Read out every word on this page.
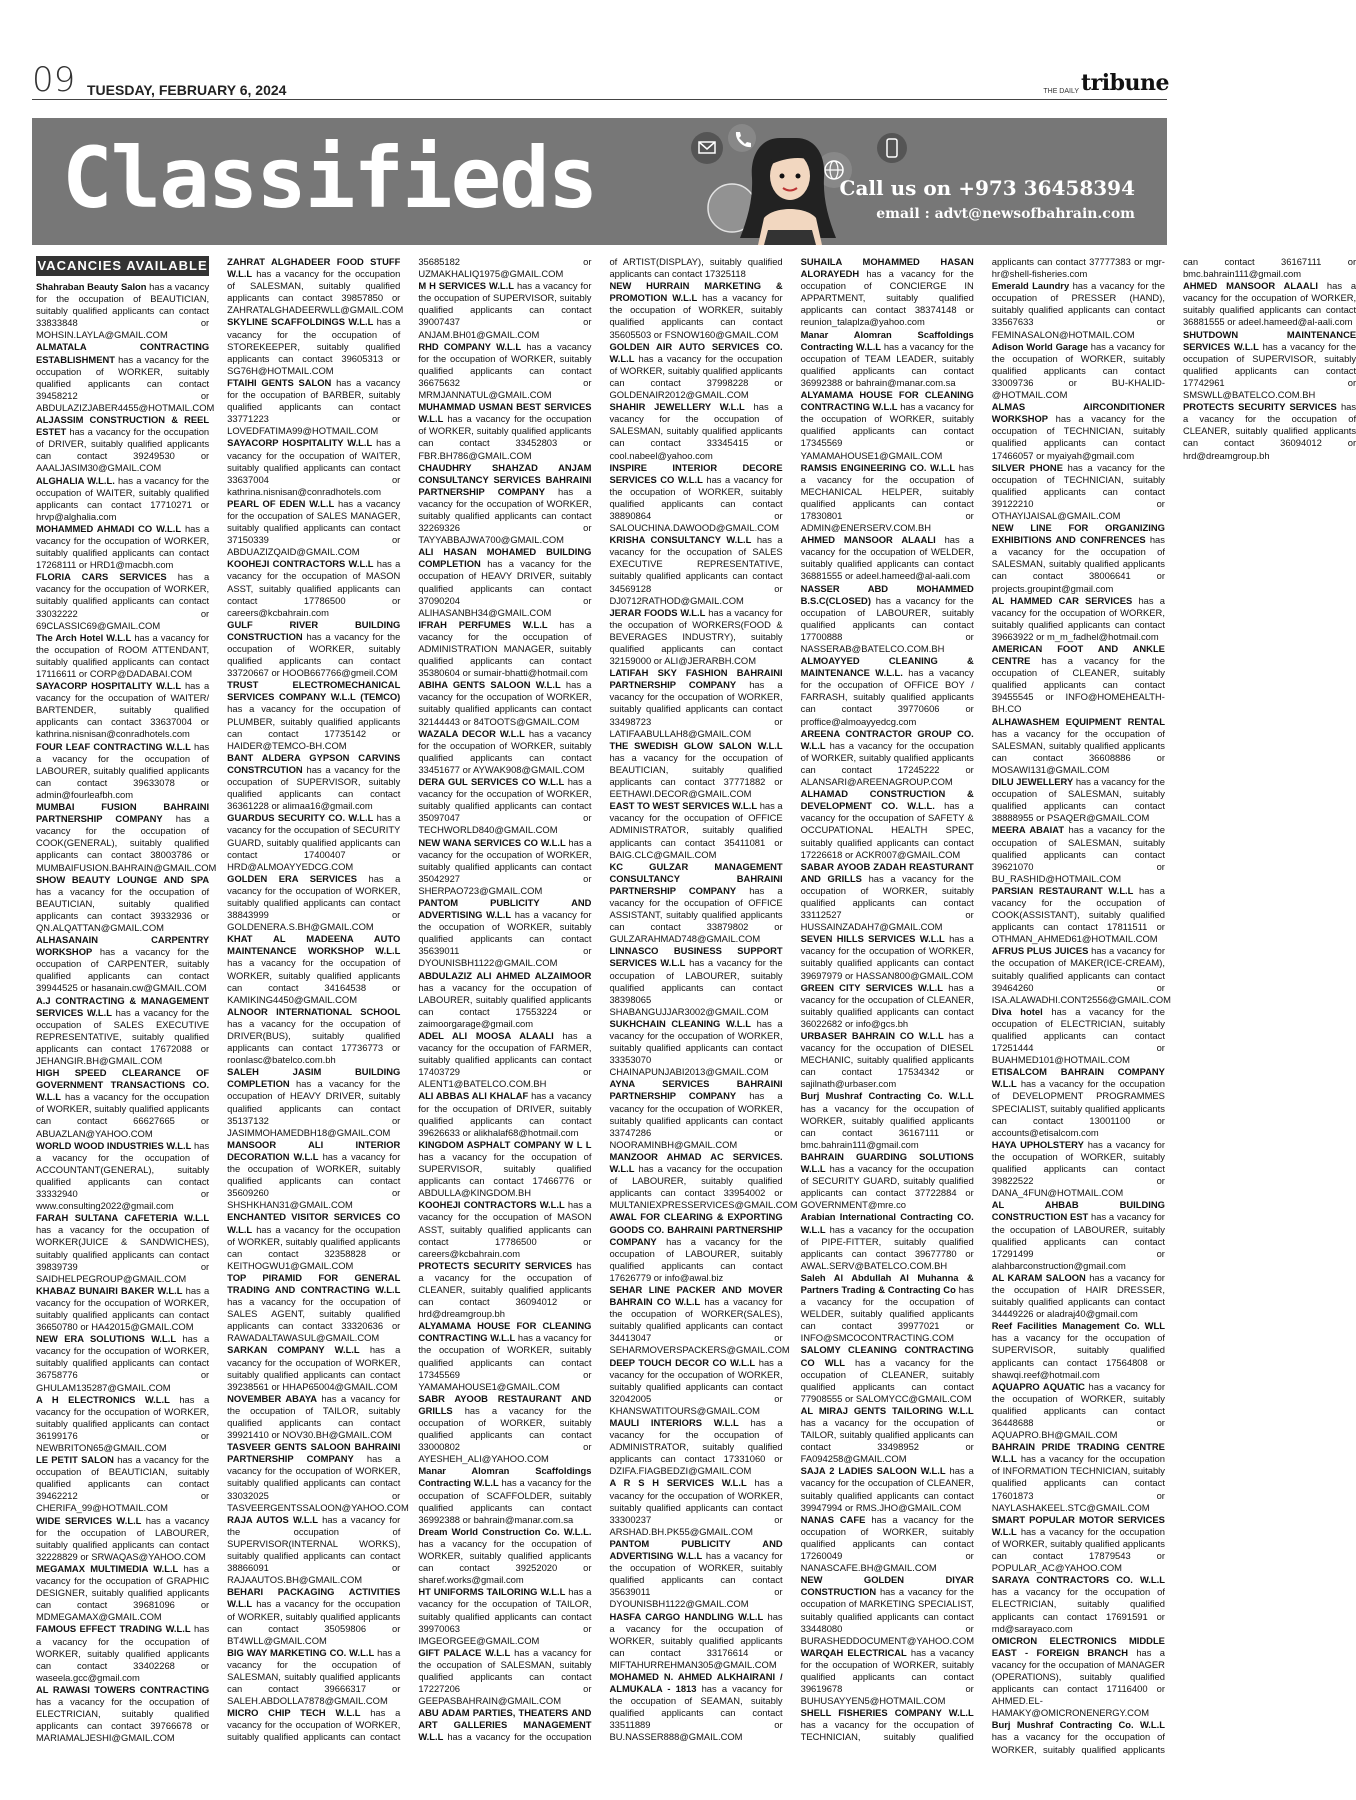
09 TUESDAY, FEBRUARY 6, 2024	THE DAILY tribune
Classifieds	Call us on +973 36458394
email : advt@newsofbahrain.com
VACANCIES AVAILABLE

Shahraban Beauty Salon has a vacancy for the occupation of BEAUTICIAN, suitably qualified applicants can contact 33833848 or MOHSIN.LAYLA@GMAIL.COM

ALMATALA CONTRACTING ESTABLISHMENT has a vacancy for the occupation of WORKER, suitably qualified applicants can contact 39458212 or ABDULAZIZJABER4455@HOTMAIL.COM

ALJASSIM CONSTRUCTION & REEL ESTET has a vacancy for the occupation of DRIVER, suitably qualified applicants can contact 39249530 or AAALJASIM30@GMAIL.COM

ALGHALIA W.L.L. has a vacancy for the occupation of WAITER, suitably qualified applicants can contact 17710271 or hrvp@alghalia.com

MOHAMMED AHMADI CO W.L.L has a vacancy for the occupation of WORKER, suitably qualified applicants can contact 17268111 or HRD1@macbh.com

FLORIA CARS SERVICES has a vacancy for the occupation of WORKER, suitably qualified applicants can contact 33032222 or 69CLASSIC69@GMAIL.COM

The Arch Hotel W.L.L has a vacancy for the occupation of ROOM ATTENDANT, suitably qualified applicants can contact 17116611 or CORP@DADABAI.COM

SAYACORP HOSPITALITY W.L.L has a vacancy for the occupation of WAITER/ BARTENDER, suitably qualified applicants can contact 33637004 or kathrina.nisnisan@conradhotels.com

FOUR LEAF CONTRACTING W.L.L has a vacancy for the occupation of LABOURER, suitably qualified applicants can contact 39633078 or admin@fourleafbh.com

MUMBAI FUSION BAHRAINI PARTNERSHIP COMPANY has a vacancy for the occupation of COOK(GENERAL), suitably qualified applicants can contact 38003786 or MUMBAIFUSION.BAHRAIN@GMAIL.COM

SHOW BEAUTY LOUNGE AND SPA has a vacancy for the occupation of BEAUTICIAN, suitably qualified applicants can contact 39332936 or QN.ALQATTAN@GMAIL.COM

ALHASANAIN CARPENTRY WORKSHOP has a vacancy for the occupation of CARPENTER, suitably qualified applicants can contact 39944525 or hasanain.cw@GMAIL.COM

A.J CONTRACTING & MANAGEMENT SERVICES W.L.L has a vacancy for the occupation of SALES EXECUTIVE REPRESENTATIVE, suitably qualified applicants can contact 17672088 or JEHANGIR.BH@GMAIL.COM

HIGH SPEED CLEARANCE OF GOVERNMENT TRANSACTIONS CO. W.L.L has a vacancy for the occupation of WORKER, suitably qualified applicants can contact 66627665 or ABUAZLAN@YAHOO.COM

WORLD WOOD INDUSTRIES W.L.L has a vacancy for the occupation of ACCOUNTANT(GENERAL), suitably qualified applicants can contact 33332940 or www.consulting2022@gmail.com

FARAH SULTANA CAFETERIA W.L.L has a vacancy for the occupation of WORKER(JUICE & SANDWICHES), suitably qualified applicants can contact 39839739 or SAIDHELPEGROUP@GMAIL.COM

KHABAZ BUNAIRI BAKER W.L.L has a vacancy for the occupation of WORKER, suitably qualified applicants can contact 36650780 or HA42015@GMAIL.COM

NEW ERA SOLUTIONS W.L.L has a vacancy for the occupation of WORKER, suitably qualified applicants can contact 36758776 or GHULAM135287@GMAIL.COM

A H ELECTRONICS W.L.L has a vacancy for the occupation of WORKER, suitably qualified applicants can contact 36199176 or NEWBRITON65@GMAIL.COM

LE PETIT SALON has a vacancy for the occupation of BEAUTICIAN, suitably qualified applicants can contact 39462212 or CHERIFA_99@HOTMAIL.COM

WIDE SERVICES W.L.L has a vacancy for the occupation of LABOURER, suitably qualified applicants can contact 32228829 or SRWAQAS@YAHOO.COM

MEGAMAX MULTIMEDIA W.L.L has a vacancy for the occupation of GRAPHIC DESIGNER, suitably qualified applicants can contact 39681096 or MDMEGAMAX@GMAIL.COM

FAMOUS EFFECT TRADING W.L.L has a vacancy for the occupation of WORKER, suitably qualified applicants can contact 33402268 or waseela.gcc@gmail.com

AL RAWASI TOWERS CONTRACTING has a vacancy for the occupation of ELECTRICIAN, suitably qualified applicants can contact 39766678 or MARIAMALJESHI@GMAIL.COM

ZAHRAT ALGHADEER FOOD STUFF W.L.L has a vacancy for the occupation of SALESMAN, suitably qualified applicants can contact 39857850 or ZAHRATALGHADEERWLL@GMAIL.COM

SKYLINE SCAFFOLDINGS W.L.L has a vacancy for the occupation of STOREKEEPER, suitably qualified applicants can contact 39605313 or SG76H@HOTMAIL.COM

FTAIHI GENTS SALON has a vacancy for the occupation of BARBER, suitably qualified applicants can contact 33771223 or LOVEDFATIMA99@HOTMAIL.COM

SAYACORP HOSPITALITY W.L.L has a vacancy for the occupation of WAITER, suitably qualified applicants can contact 33637004 or kathrina.nisnisan@conradhotels.com

PEARL OF EDEN W.L.L has a vacancy for the occupation of SALES MANAGER, suitably qualified applicants can contact 37150339 or ABDUAZIZQAID@GMAIL.COM

KOOHEJI CONTRACTORS W.L.L has a vacancy for the occupation of MASON ASST, suitably qualified applicants can contact 17786500 or careers@kcbahrain.com

GULF RIVER BUILDING CONSTRUCTION has a vacancy for the occupation of WORKER, suitably qualified applicants can contact 33720667 or HOOB667766@gmeil.COM

TRUST ELECTROMECHANICAL SERVICES COMPANY W.L.L (TEMCO) has a vacancy for the occupation of PLUMBER, suitably qualified applicants can contact 17735142 or HAIDER@TEMCO-BH.COM

BANT ALDERA GYPSON CARVINS CONSTRCUTION has a vacancy for the occupation of SUPERVISOR, suitably qualified applicants can contact 36361228 or alimaa16@gmail.com

GUARDUS SECURITY CO. W.L.L has a vacancy for the occupation of SECURITY GUARD, suitably qualified applicants can contact 17400407 or HRD@ALMOAYYEDCG.COM

GOLDEN ERA SERVICES has a vacancy for the occupation of WORKER, suitably qualified applicants can contact 38843999 or GOLDENERA.S.BH@GMAIL.COM

KHAT AL MADEENA AUTO MAINTENANCE WORKSHOP W.L.L has a vacancy for the occupation of WORKER, suitably qualified applicants can contact 34164538 or KAMIKING4450@GMAIL.COM

ALNOOR INTERNATIONAL SCHOOL has a vacancy for the occupation of DRIVER(BUS), suitably qualified applicants can contact 17736773 or roonlasc@batelco.com.bh

SALEH JASIM BUILDING COMPLETION has a vacancy for the occupation of HEAVY DRIVER, suitably qualified applicants can contact 35137132 or JASIMMOHAMEDBH18@GMAIL.COM

MANSOOR ALI INTERIOR DECORATION W.L.L has a vacancy for the occupation of WORKER, suitably qualified applicants can contact 35609260 or SHSHKHAN31@GMAIL.COM

ENCHANTED VISITOR SERVICES CO W.L.L has a vacancy for the occupation of WORKER, suitably qualified applicants can contact 32358828 or KEITHOGWU1@GMAIL.COM

TOP PIRAMID FOR GENERAL TRADING AND CONTRACTING W.L.L has a vacancy for the occupation of SALES AGENT, suitably qualified applicants can contact 33320636 or RAWADALTAWASUL@GMAIL.COM

SARKAN COMPANY W.L.L has a vacancy for the occupation of WORKER, suitably qualified applicants can contact 39238561 or HHAP65004@GMAIL.COM

NOVEMBER ABAYA has a vacancy for the occupation of TAILOR, suitably qualified applicants can contact 39921410 or NOV30.BH@GMAIL.COM

TASVEER GENTS SALOON BAHRAINI PARTNERSHIP COMPANY has a vacancy for the occupation of WORKER, suitably qualified applicants can contact 33032025 or TASVEERGENTSSALOON@YAHOO.COM

RAJA AUTOS W.L.L has a vacancy for the occupation of SUPERVISOR(INTERNAL WORKS), suitably qualified applicants can contact 38866091 or RAJAAUTOS.BH@GMAIL.COM

BEHARI PACKAGING ACTIVITIES W.L.L has a vacancy for the occupation of WORKER, suitably qualified applicants can contact 35059806 or BT4WLL@GMAIL.COM

BIG WAY MARKETING CO. W.L.L has a vacancy for the occupation of SALESMAN, suitably qualified applicants can contact 39666317 or SALEH.ABDOLLA7878@GMAIL.COM

MICRO CHIP TECH W.L.L has a vacancy for the occupation of WORKER, suitably qualified applicants can contact 35685182 or UZMAKHALIQ1975@GMAIL.COM

M H SERVICES W.L.L has a vacancy for the occupation of SUPERVISOR, suitably qualified applicants can contact 39007437 or ANJAM.BH01@GMAIL.COM

RHD COMPANY W.L.L has a vacancy for the occupation of WORKER, suitably qualified applicants can contact 36675632 or MRMJANNATUL@GMAIL.COM

MUHAMMAD USMAN BEST SERVICES W.L.L has a vacancy for the occupation of WORKER, suitably qualified applicants can contact 33452803 or FBR.BH786@GMAIL.COM

CHAUDHRY SHAHZAD ANJAM CONSULTANCY SERVICES BAHRAINI PARTNERSHIP COMPANY has a vacancy for the occupation of WORKER, suitably qualified applicants can contact 32269326 or TAYYABBAJWA700@GMAIL.COM

ALI HASAN MOHAMED BUILDING COMPLETION has a vacancy for the occupation of HEAVY DRIVER, suitably qualified applicants can contact 37090204 or ALIHASANBH34@GMAIL.COM

IFRAH PERFUMES W.L.L has a vacancy for the occupation of ADMINISTRATION MANAGER, suitably qualified applicants can contact 35380604 or sumair-bhatti@hotmail.com

ABIHA GENTS SALOON W.L.L has a vacancy for the occupation of WORKER, suitably qualified applicants can contact 32144443 or 84TOOTS@GMAIL.COM

WAZALA DECOR W.L.L has a vacancy for the occupation of WORKER, suitably qualified applicants can contact 33451677 or AYWAK908@GMAIL.COM

DERA GUL SERVICES CO W.L.L has a vacancy for the occupation of WORKER, suitably qualified applicants can contact 35097047 or TECHWORLD840@GMAIL.COM

NEW WANA SERVICES CO W.L.L has a vacancy for the occupation of WORKER, suitably qualified applicants can contact 35042927 or SHERPAO723@GMAIL.COM

PANTOM PUBLICITY AND ADVERTISING W.L.L has a vacancy for the occupation of WORKER, suitably qualified applicants can contact 35639011 or DYOUNISBH1122@GMAIL.COM

ABDULAZIZ ALI AHMED ALZAIMOOR has a vacancy for the occupation of LABOURER, suitably qualified applicants can contact 17553224 or zaimoorgarage@gmail.com

ADEL ALI MOOSA ALAALI has a vacancy for the occupation of FARMER, suitably qualified applicants can contact 17403729 or ALENT1@BATELCO.COM.BH

ALI ABBAS ALI KHALAF has a vacancy for the occupation of DRIVER, suitably qualified applicants can contact 39626633 or alikhalaf68@hotmail.com

KINGDOM ASPHALT COMPANY W L L has a vacancy for the occupation of SUPERVISOR, suitably qualified applicants can contact 17466776 or ABDULLA@KINGDOM.BH

KOOHEJI CONTRACTORS W.L.L has a vacancy for the occupation of MASON ASST, suitably qualified applicants can contact 17786500 or careers@kcbahrain.com

PROTECTS SECURITY SERVICES has a vacancy for the occupation of CLEANER, suitably qualified applicants can contact 36094012 or hrd@dreamgroup.bh

ALYAMAMA HOUSE FOR CLEANING CONTRACTING W.L.L has a vacancy for the occupation of WORKER, suitably qualified applicants can contact 17345569 or YAMAMAHOUSE1@GMAIL.COM

SABR AYOOB RESTAURANT AND GRILLS has a vacancy for the occupation of WORKER, suitably qualified applicants can contact 33000802 or AYESHEH_ALI@YAHOO.COM

Manar Alomran Scaffoldings Contracting W.L.L has a vacancy for the occupation of SCAFFOLDER, suitably qualified applicants can contact 36992388 or bahrain@manar.com.sa

Dream World Construction Co. W.L.L. has a vacancy for the occupation of WORKER, suitably qualified applicants can contact 39252020 or sharef.works@gmail.com

HT UNIFORMS TAILORING W.L.L has a vacancy for the occupation of TAILOR, suitably qualified applicants can contact 39970063 or IMGEORGEE@GMAIL.COM

GIFT PALACE W.L.L has a vacancy for the occupation of SALESMAN, suitably qualified applicants can contact 17227206 or GEEPASBAHRAIN@GMAIL.COM

ABU ADAM PARTIES, THEATERS AND ART GALLERIES MANAGEMENT W.L.L has a vacancy for the occupation of ARTIST(DISPLAY), suitably qualified applicants can contact 17325118

NEW HURRAIN MARKETING & PROMOTION W.L.L has a vacancy for the occupation of WORKER, suitably qualified applicants can contact 35605503 or FSNOW160@GMAIL.COM

GOLDEN AIR AUTO SERVICES CO. W.L.L has a vacancy for the occupation of WORKER, suitably qualified applicants can contact 37998228 or GOLDENAIR2012@GMAIL.COM

SHAHIR JEWELLERY W.L.L has a vacancy for the occupation of SALESMAN, suitably qualified applicants can contact 33345415 or cool.nabeel@yahoo.com

INSPIRE INTERIOR DECORE SERVICES CO W.L.L has a vacancy for the occupation of WORKER, suitably qualified applicants can contact 38890864 or SALOUCHINA.DAWOOD@GMAIL.COM

KRISHA CONSULTANCY W.L.L has a vacancy for the occupation of SALES EXECUTIVE REPRESENTATIVE, suitably qualified applicants can contact 34569128 or DJ0712RATHOD@GMAIL.COM

JERAR FOODS W.L.L has a vacancy for the occupation of WORKERS(FOOD & BEVERAGES INDUSTRY), suitably qualified applicants can contact 32159000 or ALI@JERARBH.COM

LATIFAH SKY FASHION BAHRAINI PARTNERSHIP COMPANY has a vacancy for the occupation of WORKER, suitably qualified applicants can contact 33498723 or LATIFAABULLAH8@GMAIL.COM

THE SWEDISH GLOW SALON W.L.L has a vacancy for the occupation of BEAUTICIAN, suitably qualified applicants can contact 37771882 or EETHAWI.DECOR@GMAIL.COM

EAST TO WEST SERVICES W.L.L has a vacancy for the occupation of OFFICE ADMINISTRATOR, suitably qualified applicants can contact 35411081 or BAIG.CLC@GMAIL.COM

KC GULZAR MANAGEMENT CONSULTANCY BAHRAINI PARTNERSHIP COMPANY has a vacancy for the occupation of OFFICE ASSISTANT, suitably qualified applicants can contact 33879802 or GULZARAHMAD748@GMAIL.COM

LINNASCO BUSINESS SUPPORT SERVICES W.L.L has a vacancy for the occupation of LABOURER, suitably qualified applicants can contact 38398065 or SHABANGUJJAR3002@GMAIL.COM

SUKHCHAIN CLEANING W.L.L has a vacancy for the occupation of WORKER, suitably qualified applicants can contact 33353070 or CHAINAPUNJABI2013@GMAIL.COM

AYNA SERVICES BAHRAINI PARTNERSHIP COMPANY has a vacancy for the occupation of WORKER, suitably qualified applicants can contact 33747286 or NOORAMINBH@GMAIL.COM

MANZOOR AHMAD AC SERVICES. W.L.L has a vacancy for the occupation of LABOURER, suitably qualified applicants can contact 33954002 or MULTANIEXPRESSERVICES@GMAIL.COM

AWAL FOR CLEARING & EXPORTING GOODS CO. BAHRAINI PARTNERSHIP COMPANY has a vacancy for the occupation of LABOURER, suitably qualified applicants can contact 17626779 or info@awal.biz

SEHAR LINE PACKER AND MOVER BAHRAIN CO W.L.L has a vacancy for the occupation of WORKER(SALES), suitably qualified applicants can contact 34413047 or SEHARMOVERSPACKERS@GMAIL.COM

DEEP TOUCH DECOR CO W.L.L has a vacancy for the occupation of WORKER, suitably qualified applicants can contact 32042005 or KHANSWATITOURS@GMAIL.COM

MAULI INTERIORS W.L.L has a vacancy for the occupation of ADMINISTRATOR, suitably qualified applicants can contact 17331060 or DZIFA.FIAGBEDZI@GMAIL.COM

A R S H SERVICES W.L.L has a vacancy for the occupation of WORKER, suitably qualified applicants can contact 33300237 or ARSHAD.BH.PK55@GMAIL.COM

PANTOM PUBLICITY AND ADVERTISING W.L.L has a vacancy for the occupation of WORKER, suitably qualified applicants can contact 35639011 or DYOUNISBH1122@GMAIL.COM

HASFA CARGO HANDLING W.L.L has a vacancy for the occupation of WORKER, suitably qualified applicants can contact 33176614 or MIFTAHURREHMAN305@GMAIL.COM

MOHAMED N. AHMED ALKHAIRANI / ALMUKALA - 1813 has a vacancy for the occupation of SEAMAN, suitably qualified applicants can contact 33511889 or BU.NASSER888@GMAIL.COM

SUHAILA MOHAMMED HASAN ALORAYEDH has a vacancy for the occupation of CONCIERGE IN APPARTMENT, suitably qualified applicants can contact 38374148 or reunion_talaplza@yahoo.com

Manar Alomran Scaffoldings Contracting W.L.L has a vacancy for the occupation of TEAM LEADER, suitably qualified applicants can contact 36992388 or bahrain@manar.com.sa

ALYAMAMA HOUSE FOR CLEANING CONTRACTING W.L.L has a vacancy for the occupation of WORKER, suitably qualified applicants can contact 17345569 or YAMAMAHOUSE1@GMAIL.COM

RAMSIS ENGINEERING CO. W.L.L has a vacancy for the occupation of MECHANICAL HELPER, suitably qualified applicants can contact 17830801 or ADMIN@ENERSERV.COM.BH

AHMED MANSOOR ALAALI has a vacancy for the occupation of WELDER, suitably qualified applicants can contact 36881555 or adeel.hameed@al-aali.com

NASSER ABD MOHAMMED B.S.C(CLOSED) has a vacancy for the occupation of LABOURER, suitably qualified applicants can contact 17700888 or NASSERAB@BATELCO.COM.BH

ALMOAYYED CLEANING & MAINTENANCE W.L.L. has a vacancy for the occupation of OFFICE BOY / FARRASH, suitably qualified applicants can contact 39770606 or proffice@almoayyedcg.com

AREENA CONTRACTOR GROUP CO. W.L.L has a vacancy for the occupation of WORKER, suitably qualified applicants can contact 17245222 or ALANSARI@AREENAGROUP.COM

ALHAMAD CONSTRUCTION & DEVELOPMENT CO. W.L.L. has a vacancy for the occupation of SAFETY & OCCUPATIONAL HEALTH SPEC, suitably qualified applicants can contact 17226618 or ACKR007@GMAIL.COM

SABAR AYOOB ZADAH REASTURANT AND GRILLS has a vacancy for the occupation of WORKER, suitably qualified applicants can contact 33112527 or HUSSAINZADAH7@GMAIL.COM

SEVEN HILLS SERVICES W.L.L has a vacancy for the occupation of WORKER, suitably qualified applicants can contact 39697979 or HASSAN800@GMAIL.COM

GREEN CITY SERVICES W.L.L has a vacancy for the occupation of CLEANER, suitably qualified applicants can contact 36022682 or info@gcs.bh

URBASER BAHRAIN CO W.L.L has a vacancy for the occupation of DIESEL MECHANIC, suitably qualified applicants can contact 17534342 or sajilnath@urbaser.com

Burj Mushraf Contracting Co. W.L.L has a vacancy for the occupation of WORKER, suitably qualified applicants can contact 36167111 or bmc.bahrain111@gmail.com

BAHRAIN GUARDING SOLUTIONS W.L.L has a vacancy for the occupation of SECURITY GUARD, suitably qualified applicants can contact 37722884 or GOVERNMENT@mre.co

Arabian International Contracting CO. W.L.L has a vacancy for the occupation of PIPE-FITTER, suitably qualified applicants can contact 39677780 or AWAL.SERV@BATELCO.COM.BH

Saleh Al Abdullah Al Muhanna & Partners Trading & Contracting Co has a vacancy for the occupation of WELDER, suitably qualified applicants can contact 39977021 or INFO@SMCOCONTRACTING.COM

SALOMY CLEANING CONTRACTING CO WLL has a vacancy for the occupation of CLEANER, suitably qualified applicants can contact 77908555 or SALOMYCC@GMAIL.COM

AL MIRAJ GENTS TAILORING W.L.L has a vacancy for the occupation of TAILOR, suitably qualified applicants can contact 33498952 or FA094258@GMAIL.COM

SAJA 2 LADIES SALOON W.L.L has a vacancy for the occupation of CLEANER, suitably qualified applicants can contact 39947994 or RMS.JHO@GMAIL.COM

NANAS CAFE has a vacancy for the occupation of WORKER, suitably qualified applicants can contact 17260049 or NANASCAFE.BH@GMAIL.COM

NEW GOLDEN DIYAR CONSTRUCTION has a vacancy for the occupation of MARKETING SPECIALIST, suitably qualified applicants can contact 33448080 or BURASHEDDOCUMENT@YAHOO.COM

WARQAH ELECTRICAL has a vacancy for the occupation of WORKER, suitably qualified applicants can contact 39619678 or BUHUSAYYEN5@HOTMAIL.COM

SHELL FISHERIES COMPANY W.L.L has a vacancy for the occupation of TECHNICIAN, suitably qualified applicants can contact 37777383 or mgr-hr@shell-fisheries.com

Emerald Laundry has a vacancy for the occupation of PRESSER (HAND), suitably qualified applicants can contact 33567633 or FEMINASALON@HOTMAIL.COM

Adison World Garage has a vacancy for the occupation of WORKER, suitably qualified applicants can contact 33009736 or BU-KHALID-@HOTMAIL.COM

ALMAS AIRCONDITIONER WORKSHOP has a vacancy for the occupation of TECHNICIAN, suitably qualified applicants can contact 17466057 or myaiyah@gmail.com

SILVER PHONE has a vacancy for the occupation of TECHNICIAN, suitably qualified applicants can contact 39122210 or OTHAYIJAISAL@GMAIL.COM

NEW LINE FOR ORGANIZING EXHIBITIONS AND CONFRENCES has a vacancy for the occupation of SALESMAN, suitably qualified applicants can contact 38006641 or projects.groupint@gmail.com

AL HAMMED CAR SERVICES has a vacancy for the occupation of WORKER, suitably qualified applicants can contact 39663922 or m_m_fadhel@hotmail.com

AMERICAN FOOT AND ANKLE CENTRE has a vacancy for the occupation of CLEANER, suitably qualified applicants can contact 39455545 or INFO@HOMEHEALTH-BH.CO

ALHAWASHEM EQUIPMENT RENTAL has a vacancy for the occupation of SALESMAN, suitably qualified applicants can contact 36608886 or MOSAWI131@GMAIL.COM

DILU JEWELLERY has a vacancy for the occupation of SALESMAN, suitably qualified applicants can contact 38888955 or PSAQER@GMAIL.COM

MEERA ABAIAT has a vacancy for the occupation of SALESMAN, suitably qualified applicants can contact 39621070 or BU_RASHID@HOTMAIL.COM

PARSIAN RESTAURANT W.L.L has a vacancy for the occupation of COOK(ASSISTANT), suitably qualified applicants can contact 17811511 or OTHMAN_AHMED61@HOTMAIL.COM

AFRUS PLUS JUICES has a vacancy for the occupation of MAKER(ICE-CREAM), suitably qualified applicants can contact 39464260 or ISA.ALAWADHI.CONT2556@GMAIL.COM

Diva hotel has a vacancy for the occupation of ELECTRICIAN, suitably qualified applicants can contact 17251444 or BUAHMED101@HOTMAIL.COM

ETISALCOM BAHRAIN COMPANY W.L.L has a vacancy for the occupation of DEVELOPMENT PROGRAMMES SPECIALIST, suitably qualified applicants can contact 13001100 or accounts@etisalcom.com

HAYA UPHOLSTERY has a vacancy for the occupation of WORKER, suitably qualified applicants can contact 39822522 or DANA_4FUN@HOTMAIL.COM

AL AHBAB BUILDING CONSTRUCTION EST has a vacancy for the occupation of LABOURER, suitably qualified applicants can contact 17291499 or alahbarconstruction@gmail.com

AL KARAM SALOON has a vacancy for the occupation of HAIR DRESSER, suitably qualified applicants can contact 34449226 or aladraj40@gmail.com

Reef Facilities Management Co. WLL has a vacancy for the occupation of SUPERVISOR, suitably qualified applicants can contact 17564808 or shawqi.reef@hotmail.com

AQUAPRO AQUATIC has a vacancy for the occupation of WORKER, suitably qualified applicants can contact 36448688 or AQUAPRO.BH@GMAIL.COM

BAHRAIN PRIDE TRADING CENTRE W.L.L has a vacancy for the occupation of INFORMATION TECHNICIAN, suitably qualified applicants can contact 17601873 or NAYLASHAKEEL.STC@GMAIL.COM

SMART POPULAR MOTOR SERVICES W.L.L has a vacancy for the occupation of WORKER, suitably qualified applicants can contact 17879543 or POPULAR_AC@YAHOO.COM

SARAYA CONTRACTORS CO. W.L.L has a vacancy for the occupation of ELECTRICIAN, suitably qualified applicants can contact 17691591 or md@sarayaco.com

OMICRON ELECTRONICS MIDDLE EAST - FOREIGN BRANCH has a vacancy for the occupation of MANAGER (OPERATIONS), suitably qualified applicants can contact 17116400 or AHMED.EL-HAMAKY@OMICRONENERGY.COM

Burj Mushraf Contracting Co. W.L.L has a vacancy for the occupation of WORKER, suitably qualified applicants can contact 36167111 or bmc.bahrain111@gmail.com

AHMED MANSOOR ALAALI has a vacancy for the occupation of WORKER, suitably qualified applicants can contact 36881555 or adeel.hameed@al-aali.com

SHUTDOWN MAINTENANCE SERVICES W.L.L has a vacancy for the occupation of SUPERVISOR, suitably qualified applicants can contact 17742961 or SMSWLL@BATELCO.COM.BH

PROTECTS SECURITY SERVICES has a vacancy for the occupation of CLEANER, suitably qualified applicants can contact 36094012 or hrd@dreamgroup.bh
